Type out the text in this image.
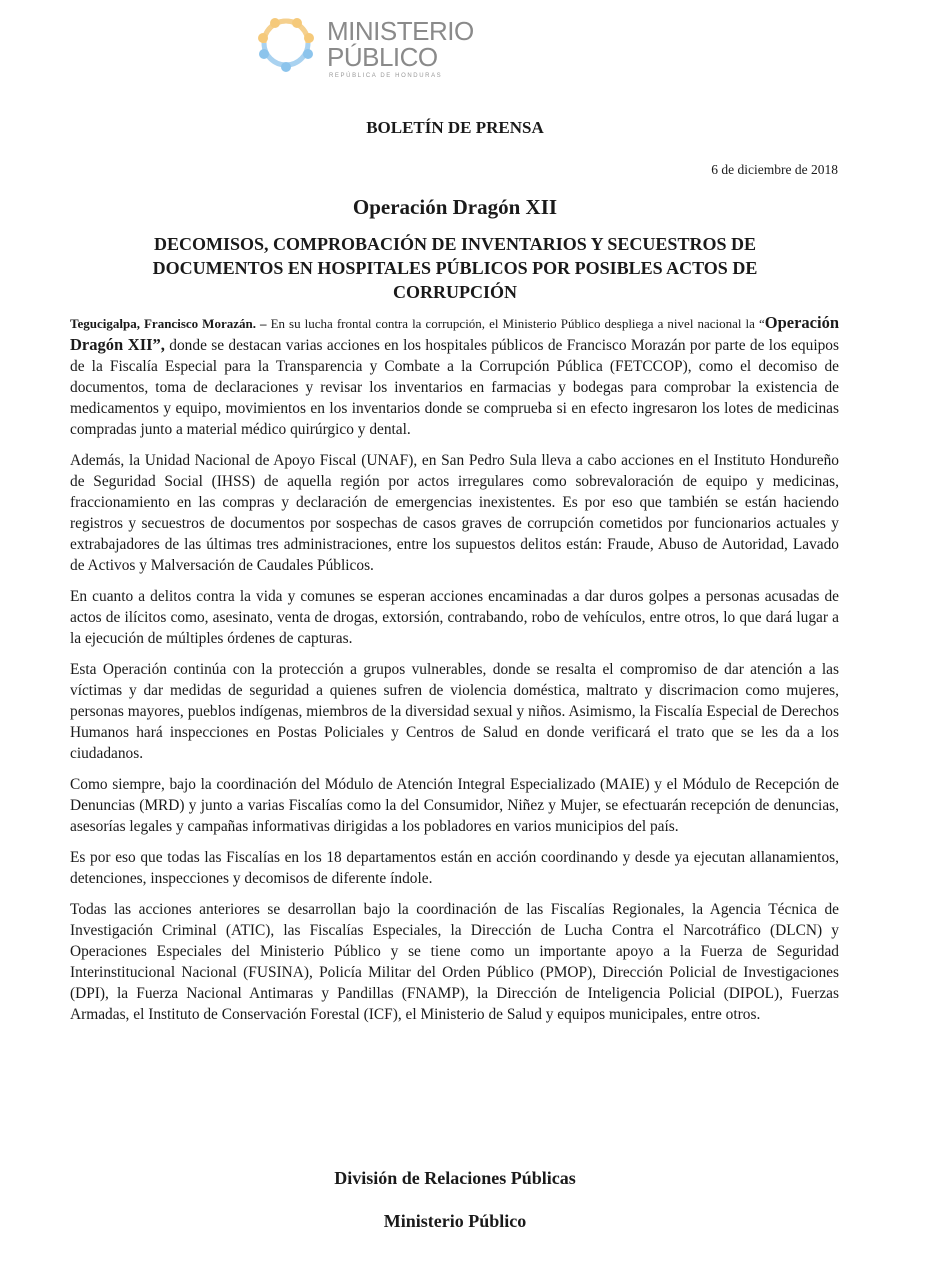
MINISTERIO
PÚBLICO
REPÚBLICA DE HONDURAS
BOLETÍN DE PRENSA
6 de diciembre de 2018
Operación Dragón XII
DECOMISOS, COMPROBACIÓN DE INVENTARIOS Y SECUESTROS DE DOCUMENTOS EN HOSPITALES PÚBLICOS POR POSIBLES ACTOS DE CORRUPCIÓN

Tegucigalpa, Francisco Morazán. – En su lucha frontal contra la corrupción, el Ministerio Público despliega a nivel nacional la “Operación Dragón XII”, donde se destacan varias acciones en los hospitales públicos de Francisco Morazán por parte de los equipos de la Fiscalía Especial para la Transparencia y Combate a la Corrupción Pública (FETCCOP), como el decomiso de documentos, toma de declaraciones y revisar los inventarios en farmacias y bodegas para comprobar la existencia de medicamentos y equipo, movimientos en los inventarios donde se comprueba si en efecto ingresaron los lotes de medicinas compradas junto a material médico quirúrgico y dental.

Además, la Unidad Nacional de Apoyo Fiscal (UNAF), en San Pedro Sula lleva a cabo acciones en el Instituto Hondureño de Seguridad Social (IHSS) de aquella región por actos irregulares como sobrevaloración de equipo y medicinas, fraccionamiento en las compras y declaración de emergencias inexistentes. Es por eso que también se están haciendo registros y secuestros de documentos por sospechas de casos graves de corrupción cometidos por funcionarios actuales y extrabajadores de las últimas tres administraciones, entre los supuestos delitos están: Fraude, Abuso de Autoridad, Lavado de Activos y Malversación de Caudales Públicos.

En cuanto a delitos contra la vida y comunes se esperan acciones encaminadas a dar duros golpes a personas acusadas de actos de ilícitos como, asesinato, venta de drogas, extorsión, contrabando, robo de vehículos, entre otros, lo que dará lugar a la ejecución de múltiples órdenes de capturas.

Esta Operación continúa con la protección a grupos vulnerables, donde se resalta el compromiso de dar atención a las víctimas y dar medidas de seguridad a quienes sufren de violencia doméstica, maltrato y discrimacion como mujeres, personas mayores, pueblos indígenas, miembros de la diversidad sexual y niños. Asimismo, la Fiscalía Especial de Derechos Humanos hará inspecciones en Postas Policiales y Centros de Salud en donde verificará el trato que se les da a los ciudadanos.

Como siempre, bajo la coordinación del Módulo de Atención Integral Especializado (MAIE) y el Módulo de Recepción de Denuncias (MRD) y junto a varias Fiscalías como la del Consumidor, Niñez y Mujer, se efectuarán recepción de denuncias, asesorías legales y campañas informativas dirigidas a los pobladores en varios municipios del país.

Es por eso que todas las Fiscalías en los 18 departamentos están en acción coordinando y desde ya ejecutan allanamientos, detenciones, inspecciones y decomisos de diferente índole.

Todas las acciones anteriores se desarrollan bajo la coordinación de las Fiscalías Regionales, la Agencia Técnica de Investigación Criminal (ATIC), las Fiscalías Especiales, la Dirección de Lucha Contra el Narcotráfico (DLCN) y Operaciones Especiales del Ministerio Público y se tiene como un importante apoyo a la Fuerza de Seguridad Interinstitucional Nacional (FUSINA), Policía Militar del Orden Público (PMOP), Dirección Policial de Investigaciones (DPI), la Fuerza Nacional Antimaras y Pandillas (FNAMP), la Dirección de Inteligencia Policial (DIPOL), Fuerzas Armadas, el Instituto de Conservación Forestal (ICF), el Ministerio de Salud y equipos municipales, entre otros.

División de Relaciones Públicas
Ministerio Público
